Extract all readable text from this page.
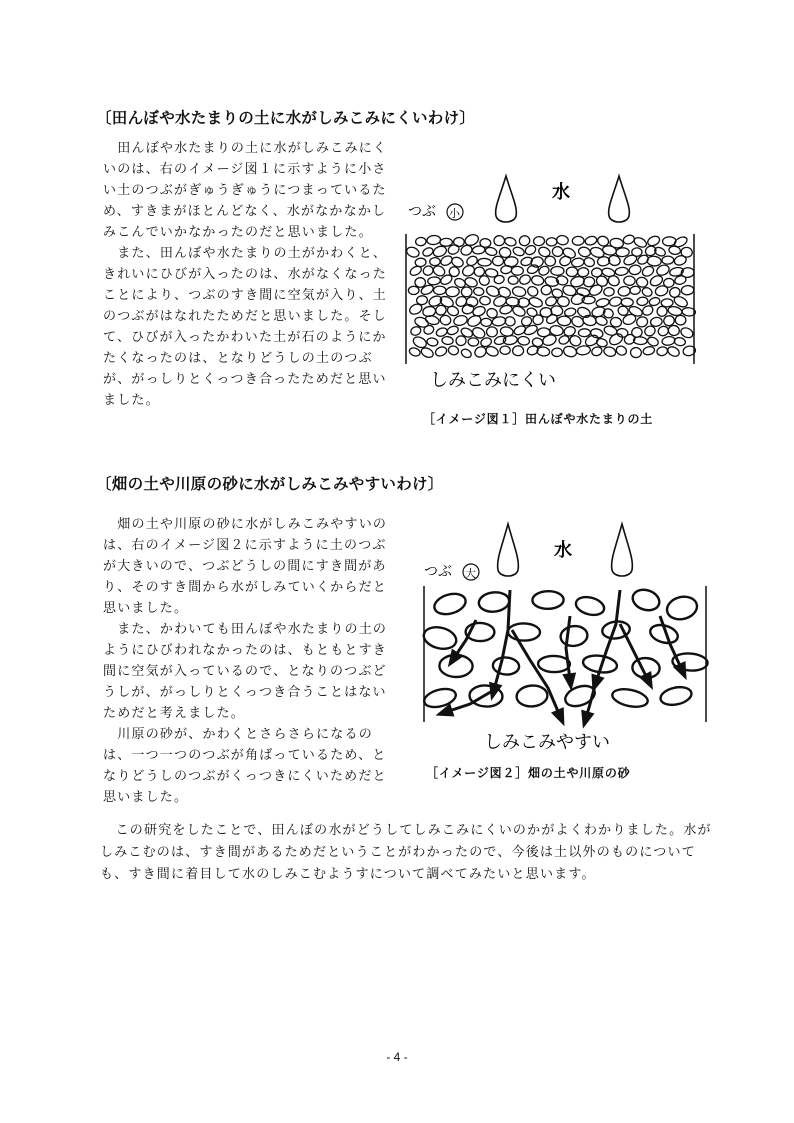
〔田んぼや水たまりの土に水がしみこみにくいわけ〕

田んぼや水たまりの土に水がしみこみにくいのは、右のイメージ図１に示すように小さい土のつぶがぎゅうぎゅうにつまっているため、すきまがほとんどなく、水がなかなかしみこんでいかなかったのだと思いました。

また、田んぼや水たまりの土がかわくと、きれいにひびが入ったのは、水がなくなったことにより、つぶのすき間に空気が入り、土のつぶがはなれたためだと思いました。そして、ひびが入ったかわいた土が石のようにかたくなったのは、となりどうしの土のつぶが、がっしりとくっつき合ったためだと思いました。

水
つぶ 小
しみこみにくい
［イメージ図１］田んぼや水たまりの土
〔畑の土や川原の砂に水がしみこみやすいわけ〕

畑の土や川原の砂に水がしみこみやすいのは、右のイメージ図２に示すように土のつぶが大きいので、つぶどうしの間にすき間があり、そのすき間から水がしみていくからだと思いました。

また、かわいても田んぼや水たまりの土のようにひびわれなかったのは、もともとすき間に空気が入っているので、となりのつぶどうしが、がっしりとくっつき合うことはないためだと考えました。

川原の砂が、かわくとさらさらになるのは、一つ一つのつぶが角ばっているため、となりどうしのつぶがくっつきにくいためだと思いました。

水
つぶ 大
しみこみやすい
［イメージ図２］畑の土や川原の砂

この研究をしたことで、田んぼの水がどうしてしみこみにくいのかがよくわかりました。水がしみこむのは、すき間があるためだということがわかったので、今後は土以外のものについても、すき間に着目して水のしみこむようすについて調べてみたいと思います。

- 4 -
